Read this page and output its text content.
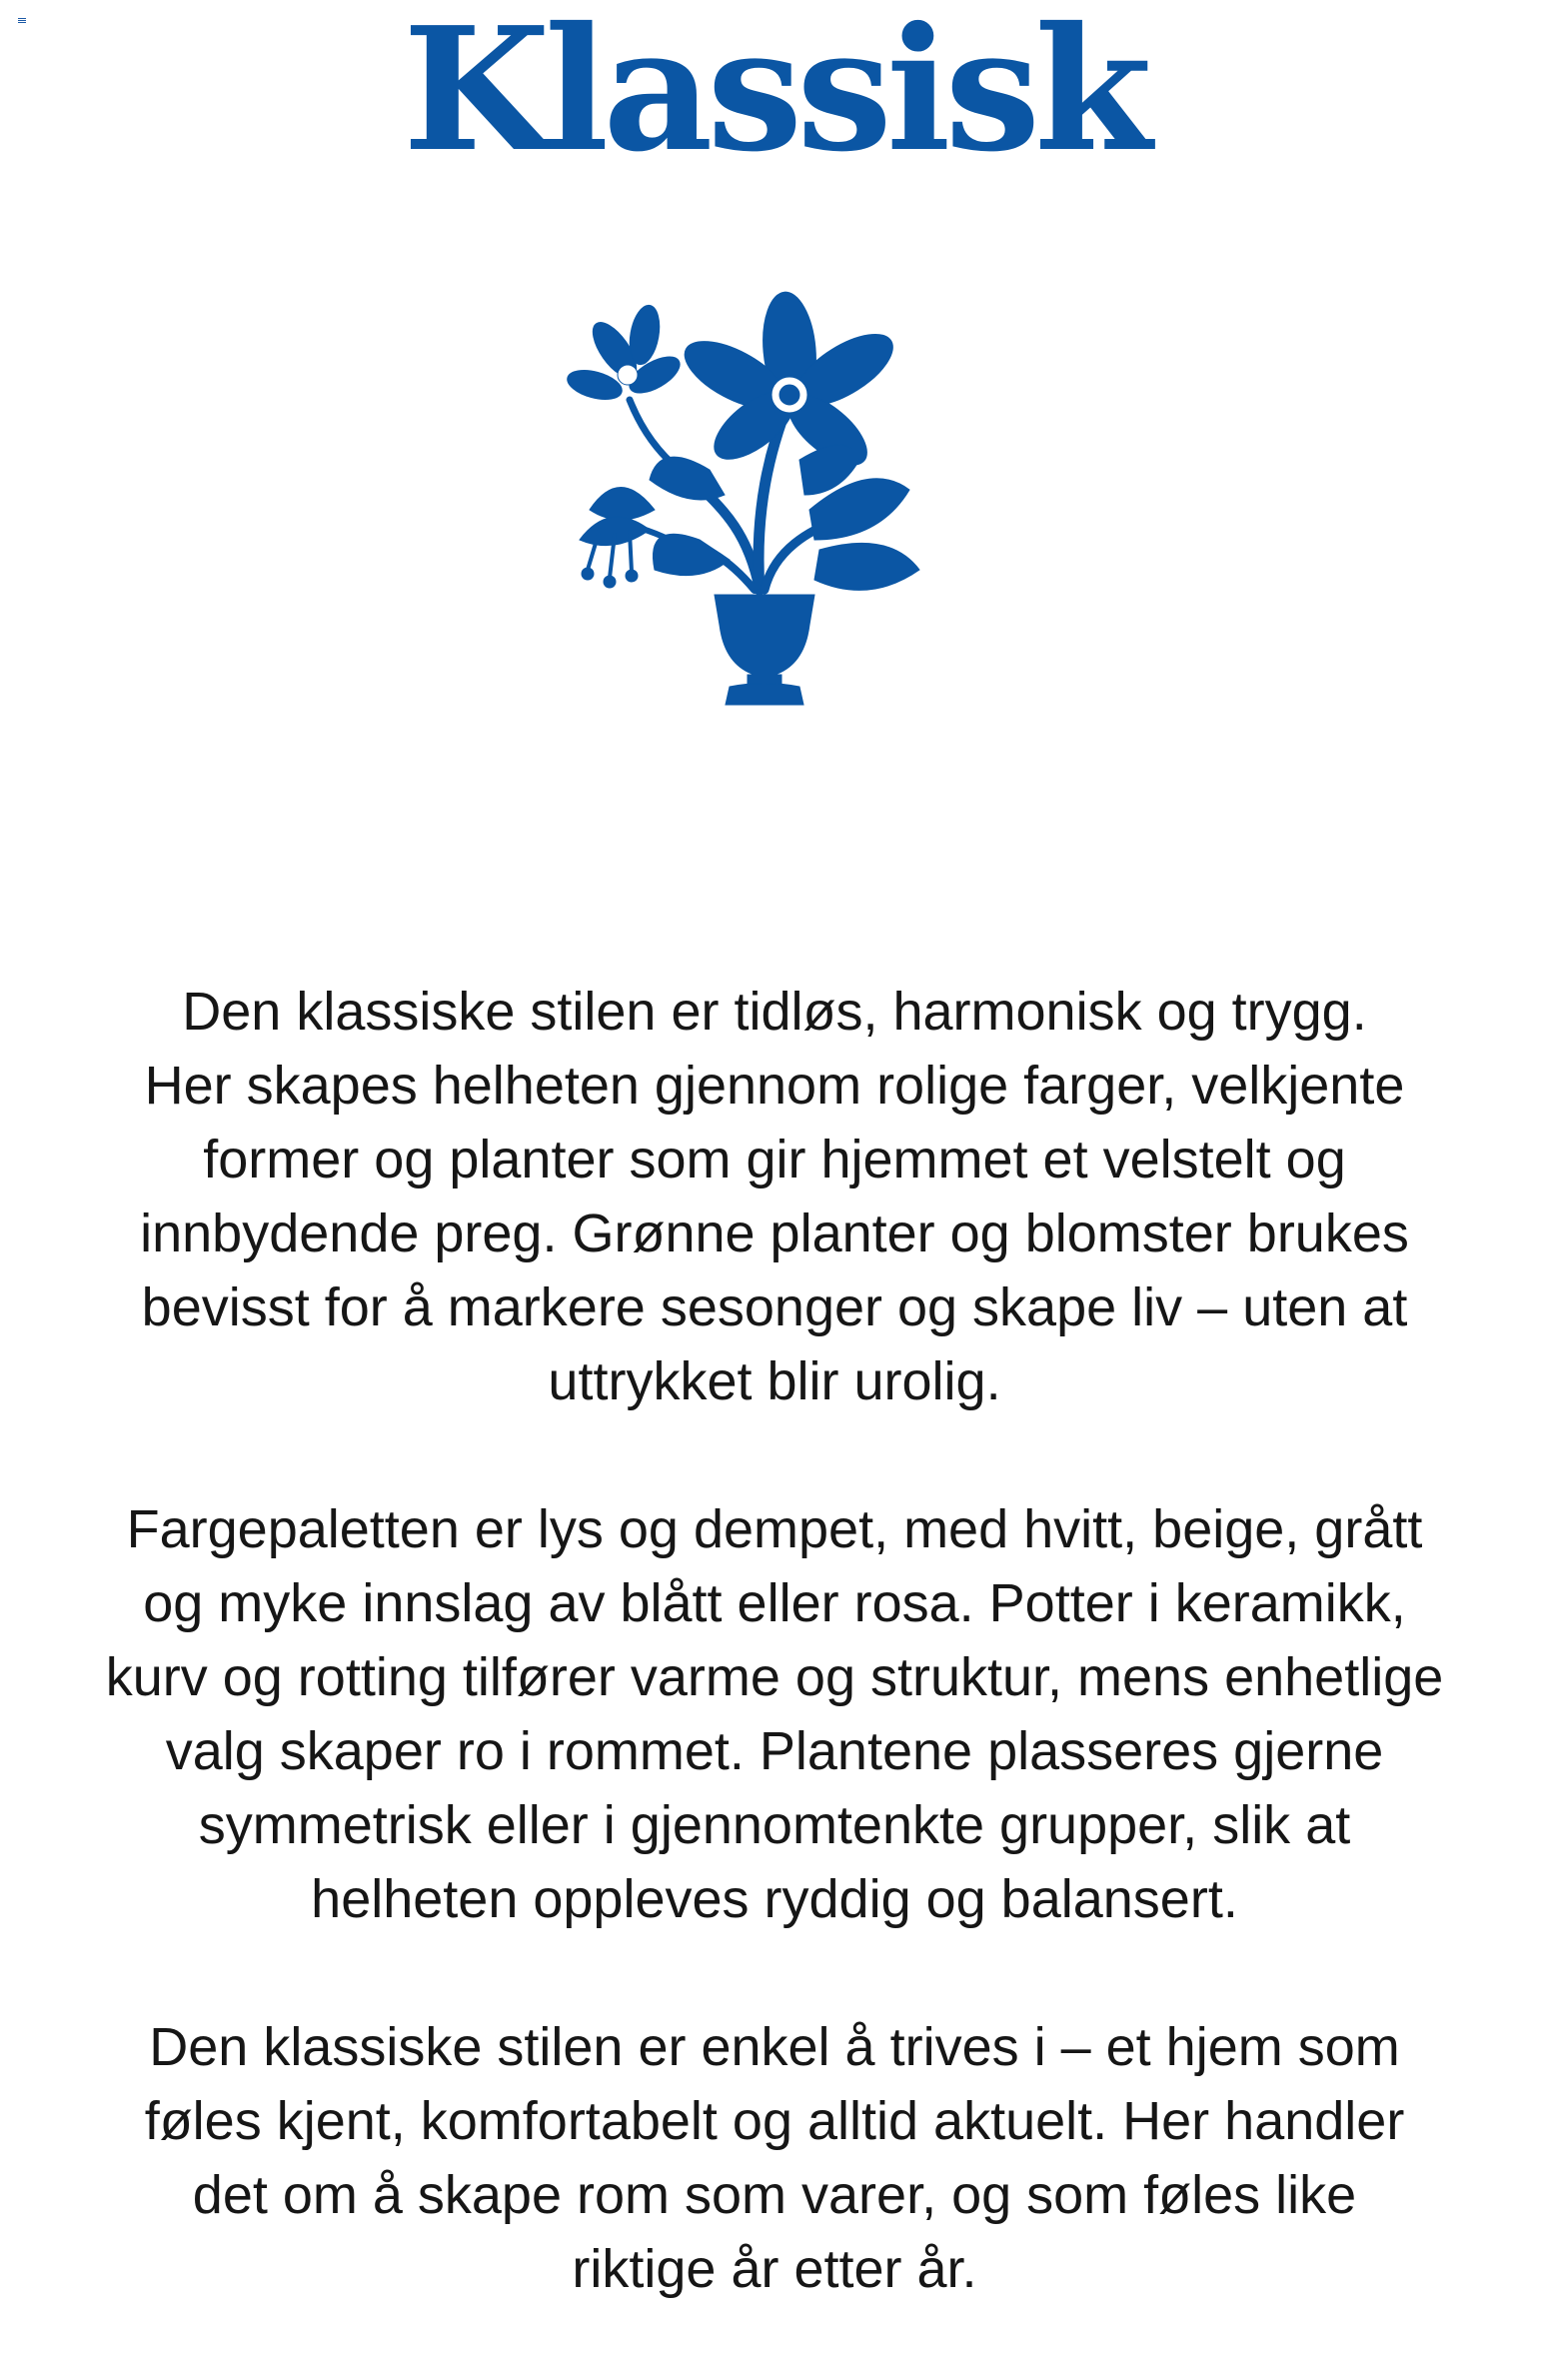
Klassisk

Den klassiske stilen er tidløs, harmonisk og trygg.
Her skapes helheten gjennom rolige farger, velkjente
former og planter som gir hjemmet et velstelt og
innbydende preg. Grønne planter og blomster brukes
bevisst for å markere sesonger og skape liv – uten at
uttrykket blir urolig.

Fargepaletten er lys og dempet, med hvitt, beige, grått
og myke innslag av blått eller rosa. Potter i keramikk,
kurv og rotting tilfører varme og struktur, mens enhetlige
valg skaper ro i rommet. Plantene plasseres gjerne
symmetrisk eller i gjennomtenkte grupper, slik at
helheten oppleves ryddig og balansert.

Den klassiske stilen er enkel å trives i – et hjem som
føles kjent, komfortabelt og alltid aktuelt. Her handler
det om å skape rom som varer, og som føles like
riktige år etter år.
